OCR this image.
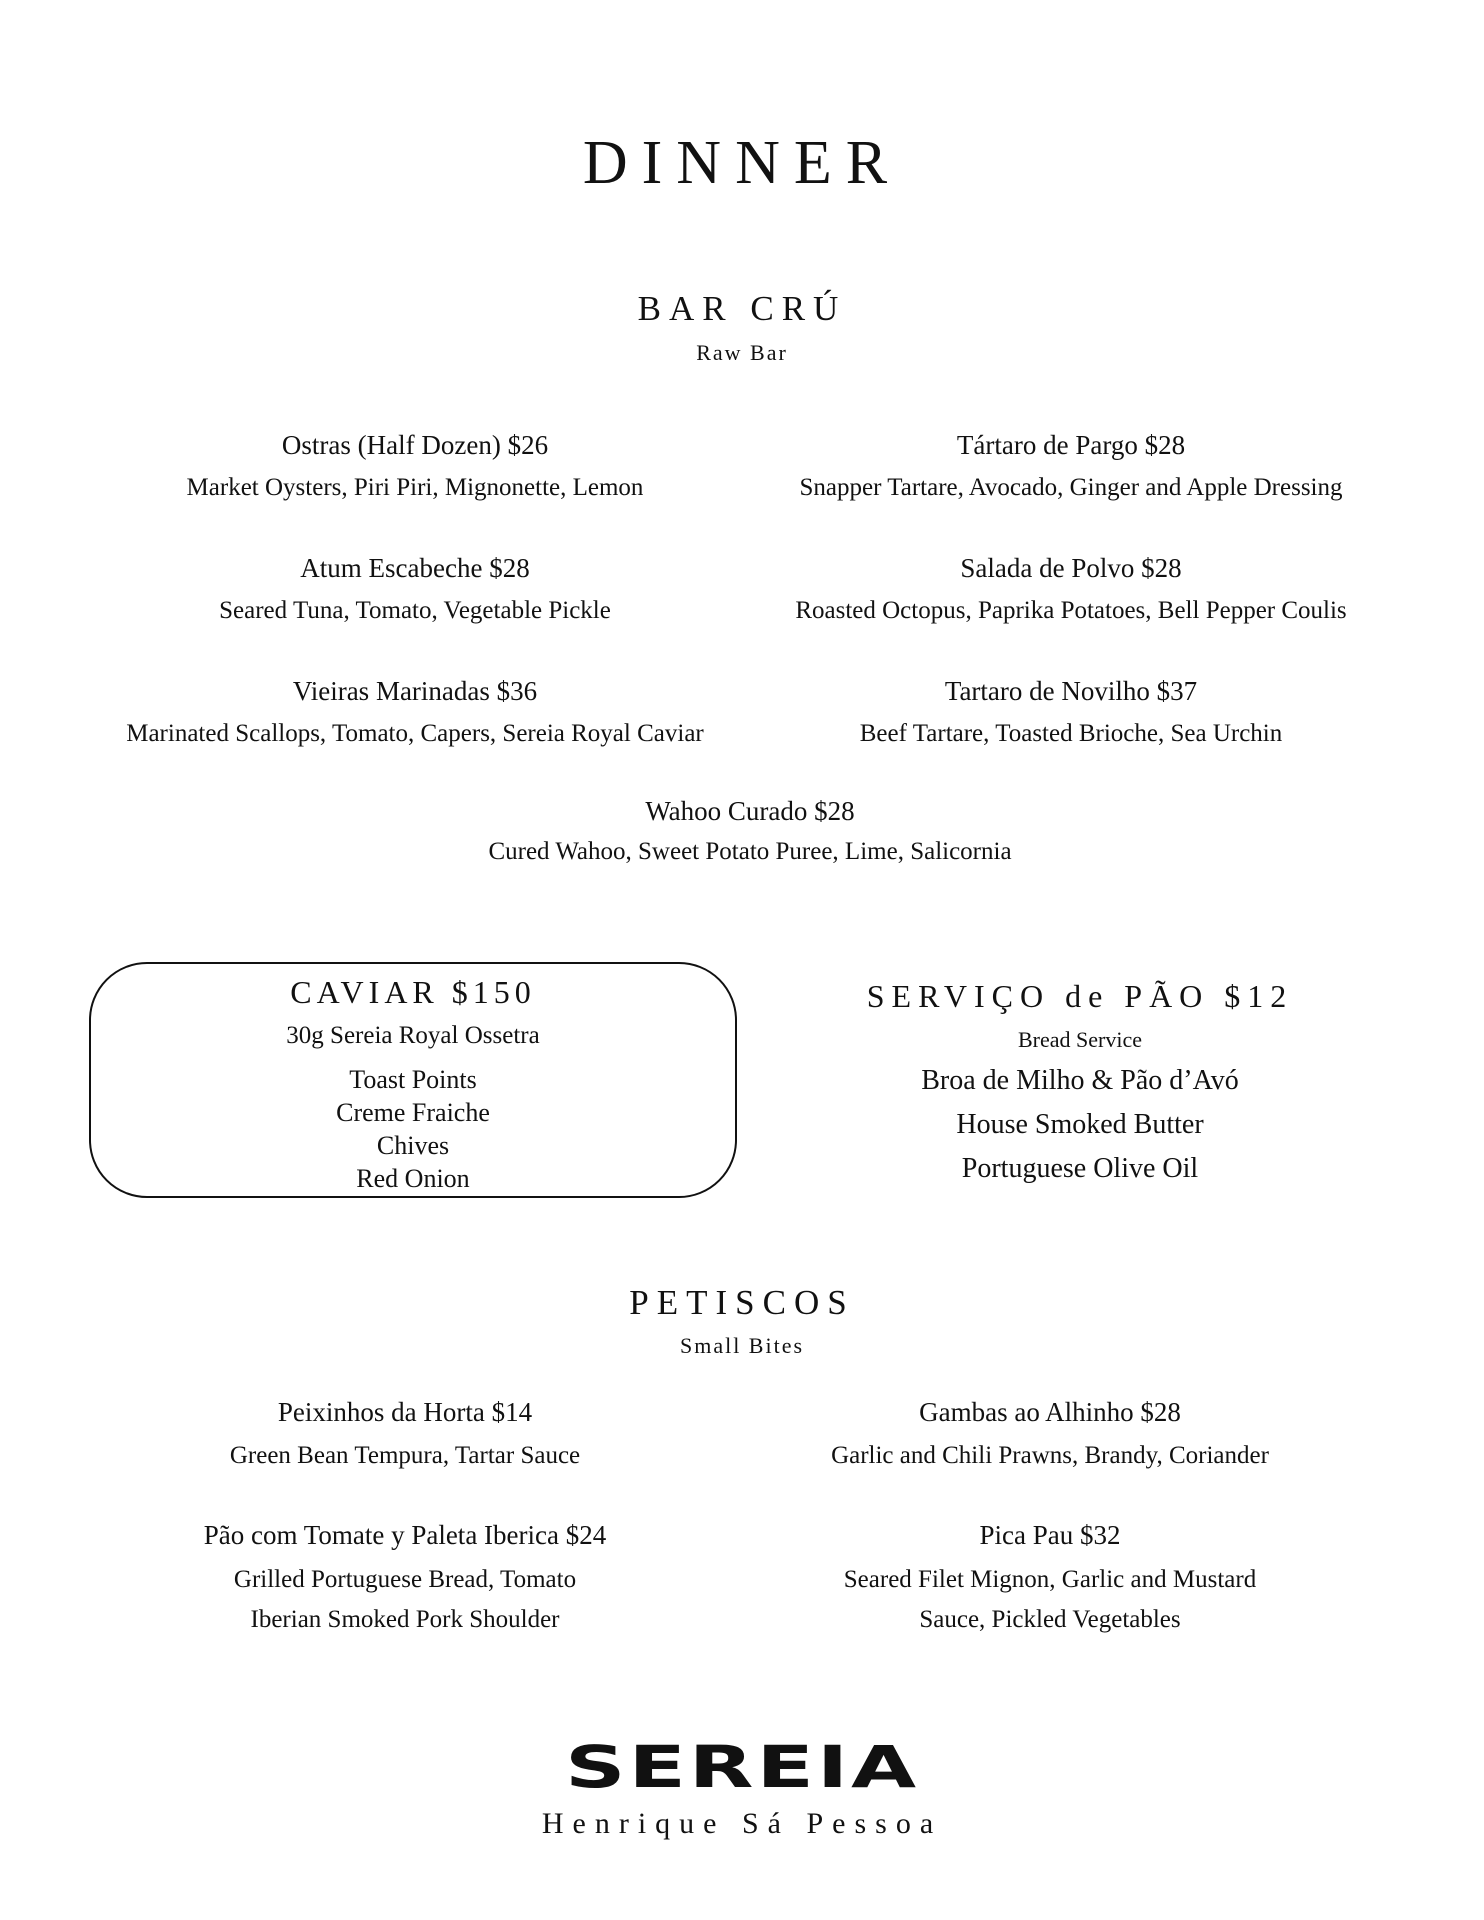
DINNER
BAR CRÚ
Raw Bar
Ostras (Half Dozen) $26
Market Oysters, Piri Piri, Mignonette, Lemon
Tártaro de Pargo $28
Snapper Tartare, Avocado, Ginger and Apple Dressing
Atum Escabeche $28
Seared Tuna, Tomato, Vegetable Pickle
Salada de Polvo $28
Roasted Octopus, Paprika Potatoes, Bell Pepper Coulis
Vieiras Marinadas $36
Marinated Scallops, Tomato, Capers, Sereia Royal Caviar
Tartaro de Novilho $37
Beef Tartare, Toasted Brioche, Sea Urchin
Wahoo Curado $28
Cured Wahoo, Sweet Potato Puree, Lime, Salicornia
CAVIAR $150
30g Sereia Royal Ossetra
Toast Points
Creme Fraiche
Chives
Red Onion
SERVIÇO de PÃO $12
Bread Service
Broa de Milho & Pão d’Avó
House Smoked Butter
Portuguese Olive Oil
PETISCOS
Small Bites
Peixinhos da Horta $14
Green Bean Tempura, Tartar Sauce
Gambas ao Alhinho $28
Garlic and Chili Prawns, Brandy, Coriander
Pão com Tomate y Paleta Iberica $24
Grilled Portuguese Bread, Tomato
Iberian Smoked Pork Shoulder
Pica Pau $32
Seared Filet Mignon, Garlic and Mustard
Sauce, Pickled Vegetables
SEREIA
Henrique Sá Pessoa
